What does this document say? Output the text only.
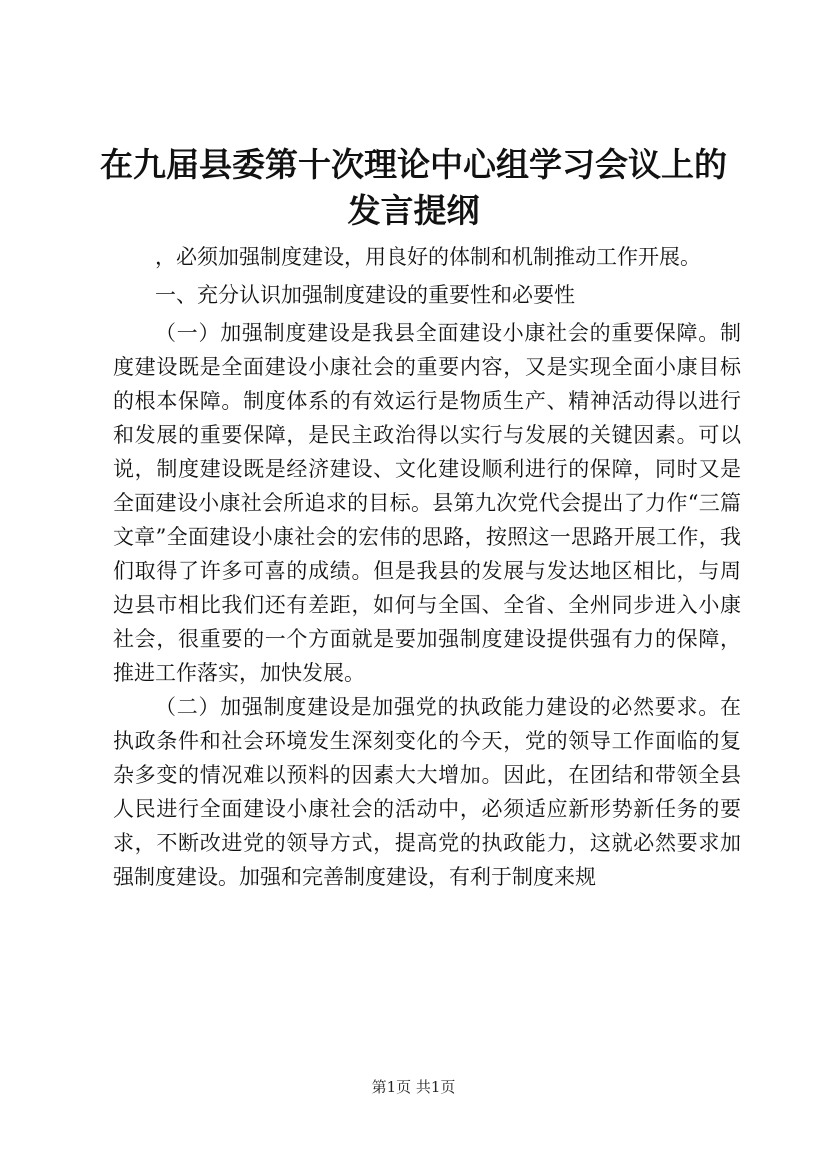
在九届县委第十次理论中心组学习会议上的发言提纲

，必须加强制度建设，用良好的体制和机制推动工作开展。

一、充分认识加强制度建设的重要性和必要性

（一）加强制度建设是我县全面建设小康社会的重要保障。制度建设既是全面建设小康社会的重要内容，又是实现全面小康目标的根本保障。制度体系的有效运行是物质生产、精神活动得以进行和发展的重要保障，是民主政治得以实行与发展的关键因素。可以说，制度建设既是经济建设、文化建设顺利进行的保障，同时又是全面建设小康社会所追求的目标。县第九次党代会提出了力作“三篇文章”全面建设小康社会的宏伟的思路，按照这一思路开展工作，我们取得了许多可喜的成绩。但是我县的发展与发达地区相比，与周边县市相比我们还有差距，如何与全国、全省、全州同步进入小康社会，很重要的一个方面就是要加强制度建设提供强有力的保障，推进工作落实，加快发展。

（二）加强制度建设是加强党的执政能力建设的必然要求。在执政条件和社会环境发生深刻变化的今天，党的领导工作面临的复杂多变的情况难以预料的因素大大增加。因此，在团结和带领全县人民进行全面建设小康社会的活动中，必须适应新形势新任务的要求，不断改进党的领导方式，提高党的执政能力，这就必然要求加强制度建设。加强和完善制度建设，有利于制度来规

第1页 共1页
